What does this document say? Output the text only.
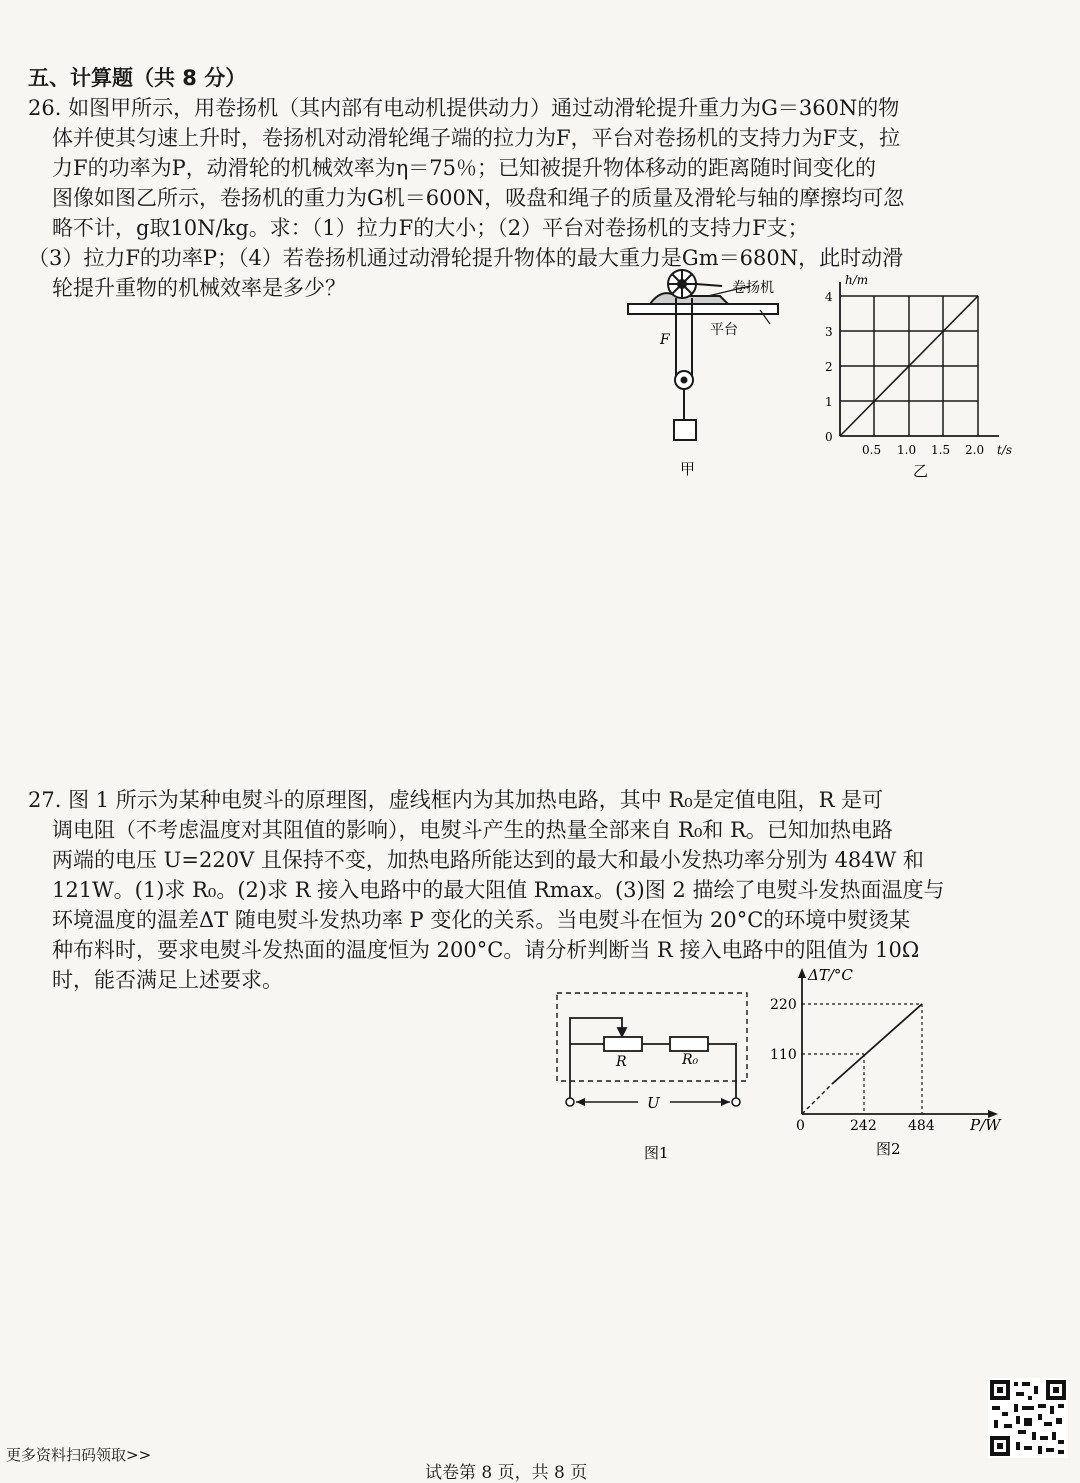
五、计算题（共 8 分）
26. 如图甲所示，用卷扬机（其内部有电动机提供动力）通过动滑轮提升重力为G＝360N的物
体并使其匀速上升时，卷扬机对动滑轮绳子端的拉力为F，平台对卷扬机的支持力为F支，拉
力F的功率为P，动滑轮的机械效率为η＝75％；已知被提升物体移动的距离随时间变化的
图像如图乙所示，卷扬机的重力为G机＝600N，吸盘和绳子的质量及滑轮与轴的摩擦均可忽
略不计，g取10N/kg。求：（1）拉力F的大小；（2）平台对卷扬机的支持力F支；
（3）拉力F的功率P；（4）若卷扬机通过动滑轮提升物体的最大重力是Gm＝680N，此时动滑
轮提升重物的机械效率是多少？	卷扬机
平台
F
甲
h/m
t/s
0
1
2
3
4
0.5 1.0 1.5 2.0
乙
27. 图 1 所示为某种电熨斗的原理图，虚线框内为其加热电路，其中 R₀是定值电阻，R 是可
调电阻（不考虑温度对其阻值的影响），电熨斗产生的热量全部来自 R₀和 R。已知加热电路
两端的电压 U=220V 且保持不变，加热电路所能达到的最大和最小发热功率分别为 484W 和
121W。(1)求 R₀。(2)求 R 接入电路中的最大阻值 Rmax。(3)图 2 描绘了电熨斗发热面温度与
环境温度的温差ΔT 随电熨斗发热功率 P 变化的关系。当电熨斗在恒为 20°C的环境中熨烫某
种布料时，要求电熨斗发热面的温度恒为 200°C。请分析判断当 R 接入电路中的阻值为 10Ω
时，能否满足上述要求。
R	R₀
U
图1
ΔT/°C
P/W
0
110
220
242 484
图2
更多资料扫码领取>>
试卷第 8 页，共 8 页
